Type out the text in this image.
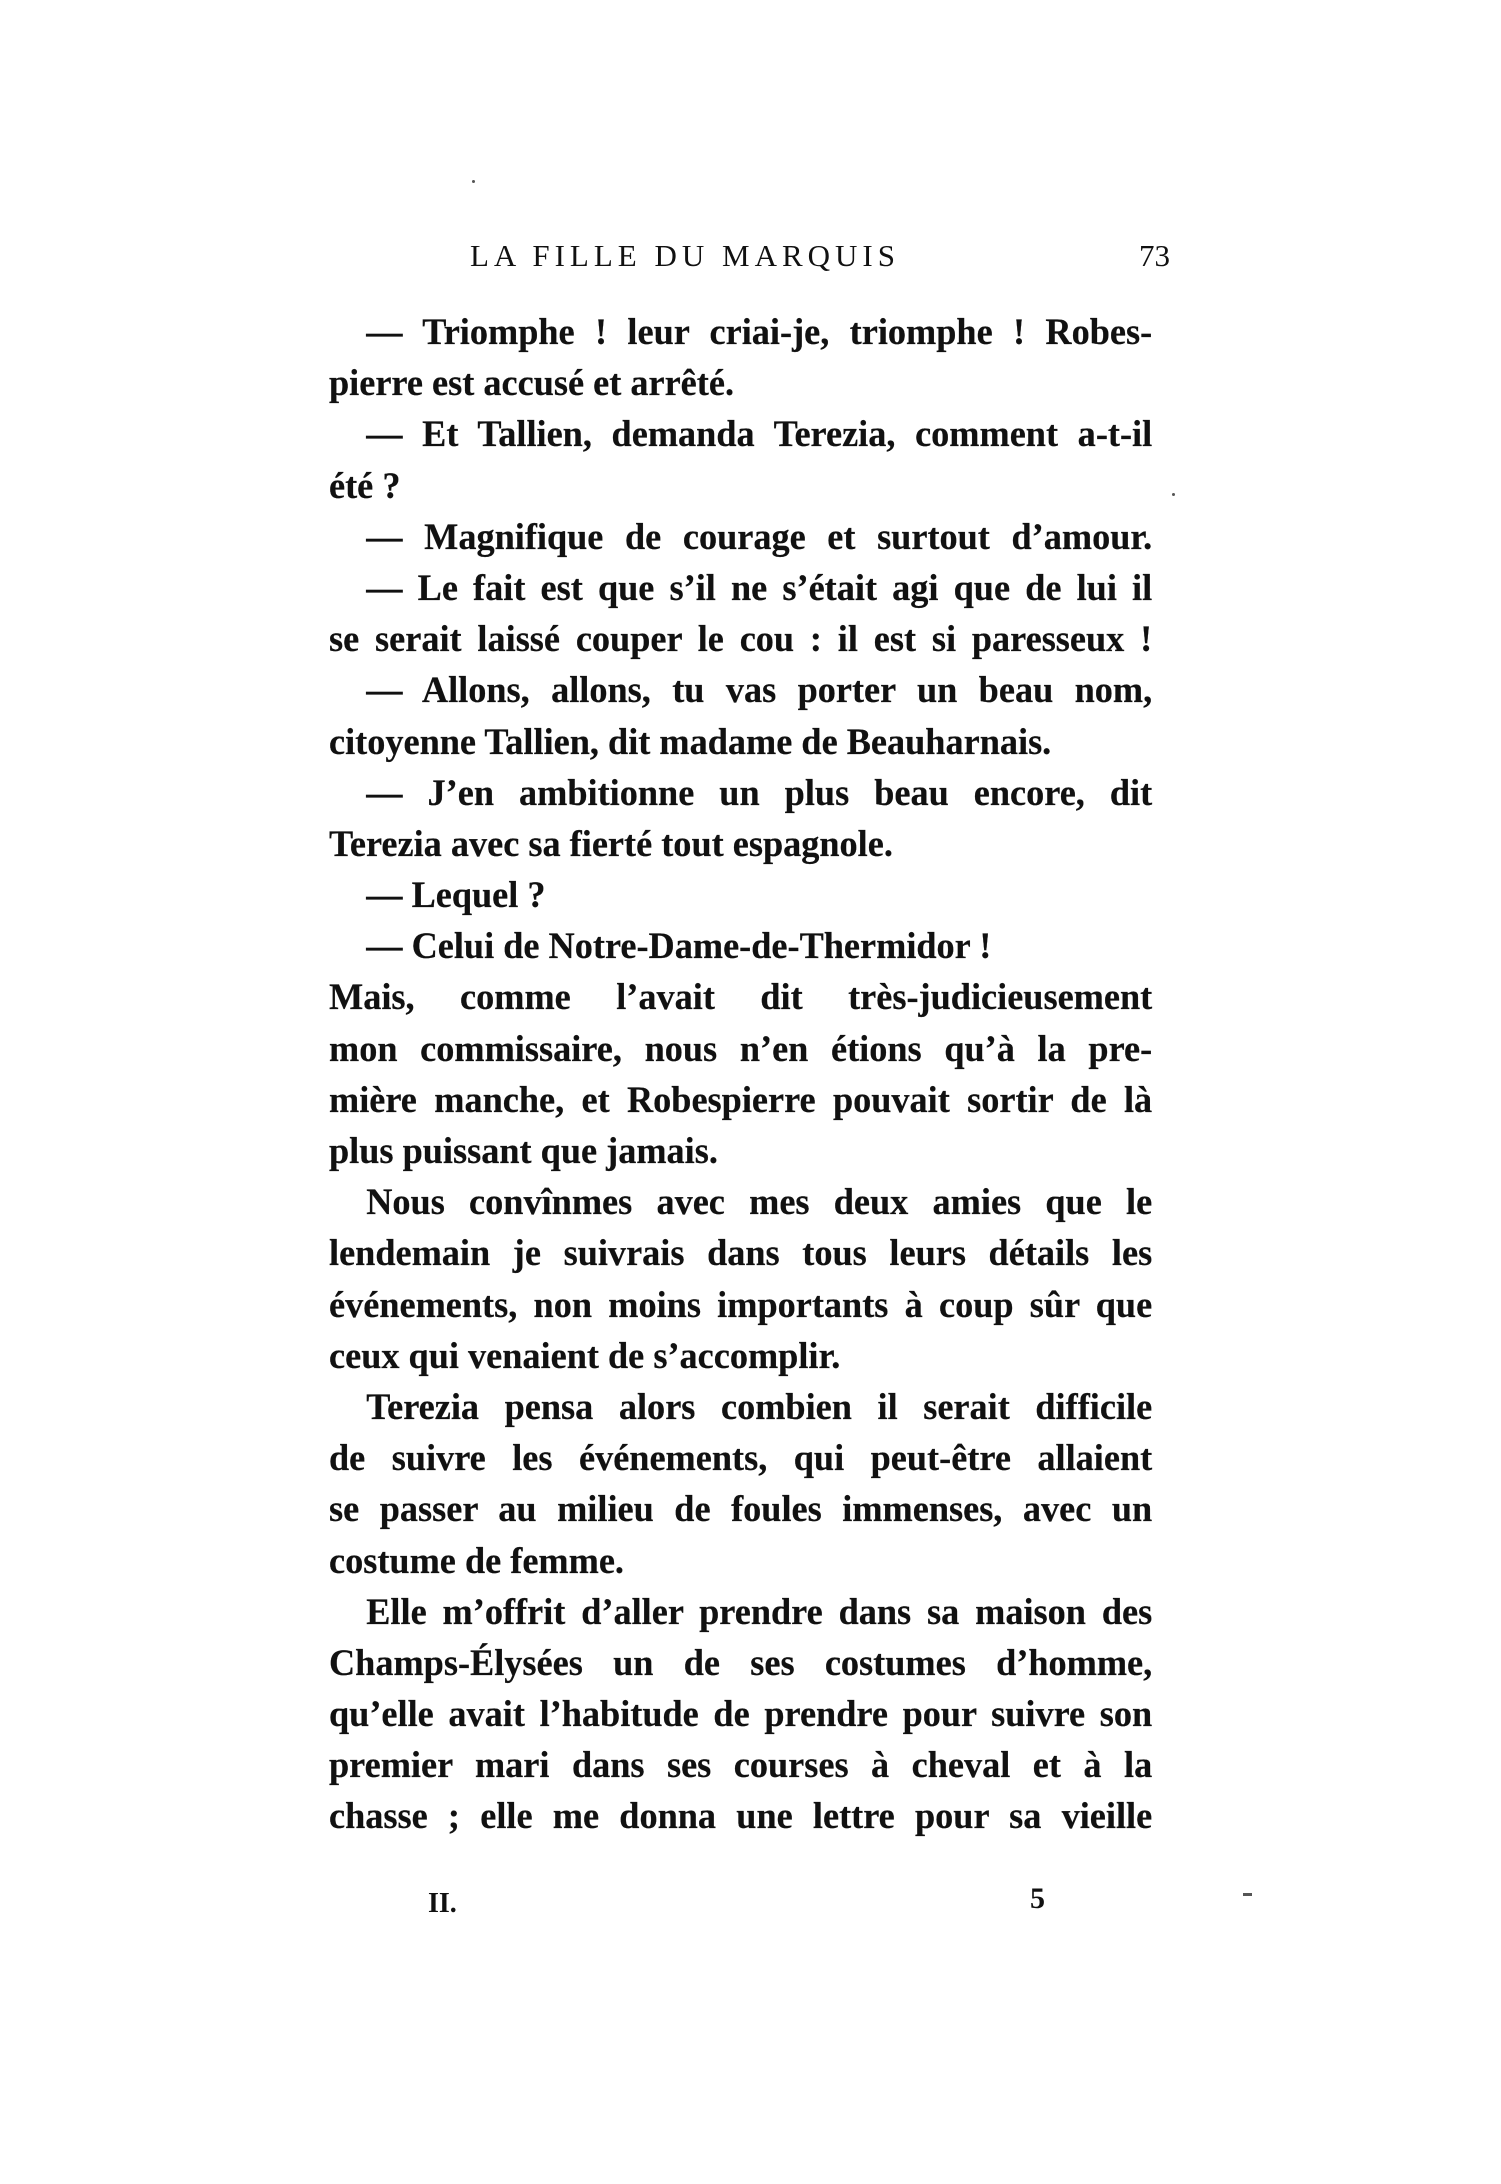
LA FILLE DU MARQUIS	73
— Triomphe ! leur criai-je, triomphe ! Robes-
pierre est accusé et arrêté.
— Et Tallien, demanda Terezia, comment a-t-il
été ?
— Magnifique de courage et surtout d’amour.
— Le fait est que s’il ne s’était agi que de lui il
se serait laissé couper le cou : il est si paresseux !
— Allons, allons, tu vas porter un beau nom,
citoyenne Tallien, dit madame de Beauharnais.
— J’en ambitionne un plus beau encore, dit
Terezia avec sa fierté tout espagnole.
— Lequel ?
— Celui de Notre-Dame-de-Thermidor !
Mais, comme l’avait dit très-judicieusement
mon commissaire, nous n’en étions qu’à la pre-
mière manche, et Robespierre pouvait sortir de là
plus puissant que jamais.
Nous convînmes avec mes deux amies que le
lendemain je suivrais dans tous leurs détails les
événements, non moins importants à coup sûr que
ceux qui venaient de s’accomplir.
Terezia pensa alors combien il serait difficile
de suivre les événements, qui peut-être allaient
se passer au milieu de foules immenses, avec un
costume de femme.
Elle m’offrit d’aller prendre dans sa maison des
Champs-Élysées un de ses costumes d’homme,
qu’elle avait l’habitude de prendre pour suivre son
premier mari dans ses courses à cheval et à la
chasse ; elle me donna une lettre pour sa vieille
II.	5
